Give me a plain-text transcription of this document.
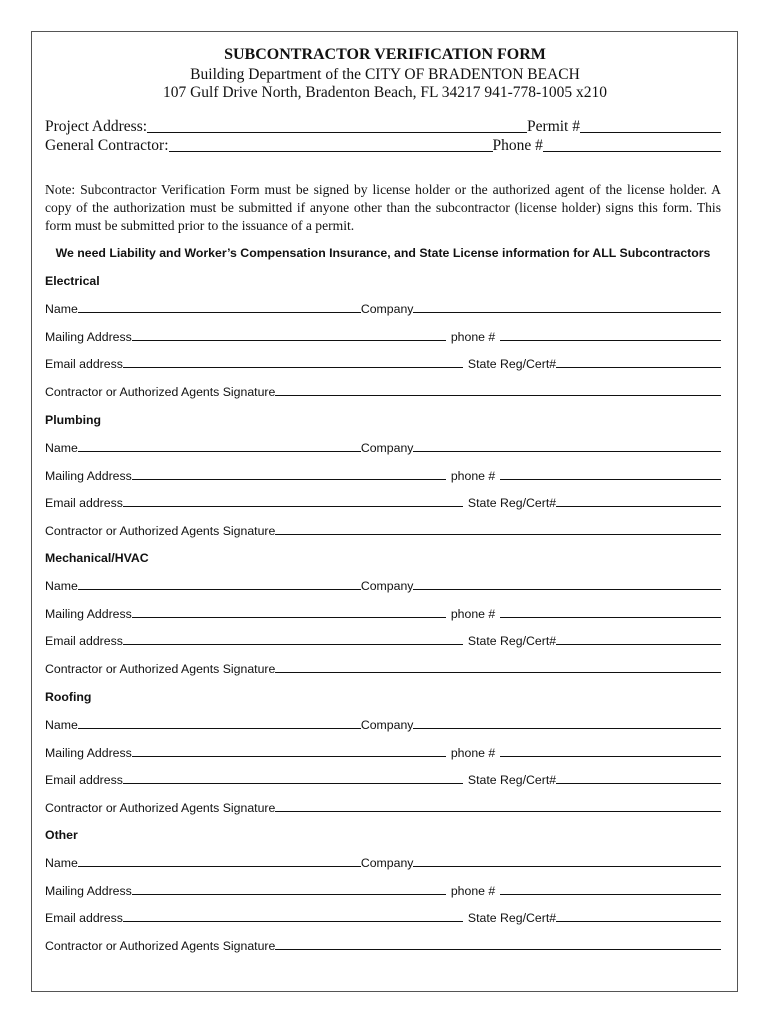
SUBCONTRACTOR VERIFICATION FORM
Building Department of the CITY OF BRADENTON BEACH
107 Gulf Drive North, Bradenton Beach, FL 34217 941-778-1005 x210
Project Address:	Permit #
General Contractor:	Phone #
Note: Subcontractor Verification Form must be signed by license holder or the authorized agent of the license holder. A copy of the authorization must be submitted if anyone other than the subcontractor (license holder) signs this form. This form must be submitted prior to the issuance of a permit.
We need Liability and Worker’s Compensation Insurance, and State License information for ALL Subcontractors
Electrical
Name	Company
Mailing Address	phone #
Email address	State Reg/Cert#
Contractor or Authorized Agents Signature
Plumbing
Name	Company
Mailing Address	phone #
Email address	State Reg/Cert#
Contractor or Authorized Agents Signature
Mechanical/HVAC
Name	Company
Mailing Address	phone #
Email address	State Reg/Cert#
Contractor or Authorized Agents Signature
Roofing
Name	Company
Mailing Address	phone #
Email address	State Reg/Cert#
Contractor or Authorized Agents Signature
Other
Name	Company
Mailing Address	phone #
Email address	State Reg/Cert#
Contractor or Authorized Agents Signature
